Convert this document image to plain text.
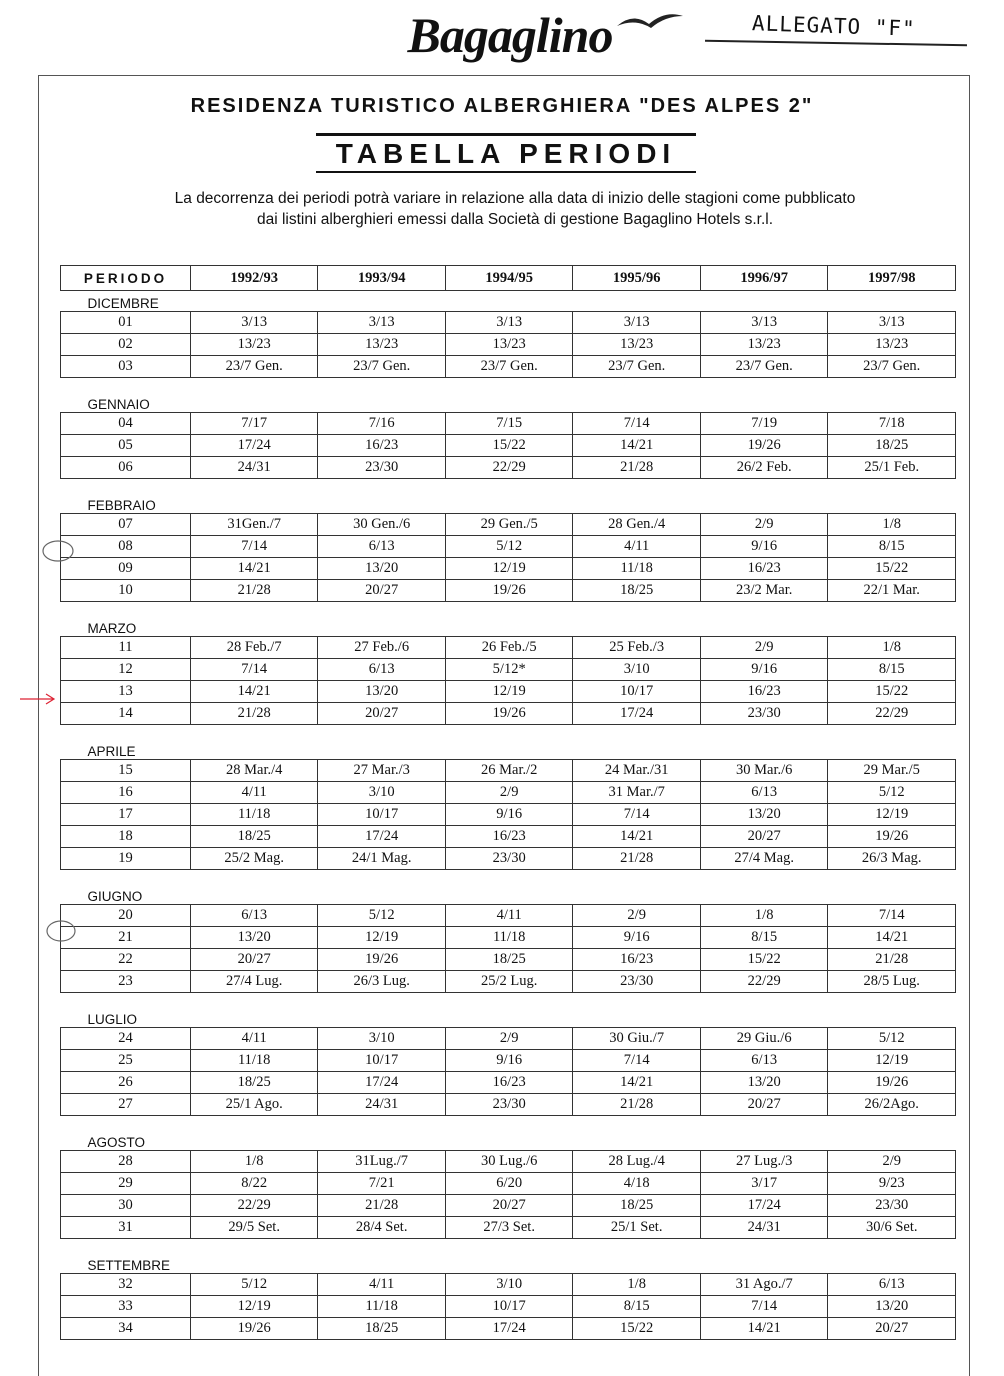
Bagaglino	ALLEGATO "F"
RESIDENZA TURISTICO ALBERGHIERA "DES ALPES 2"
TABELLA PERIODI
La decorrenza dei periodi potrà variare in relazione alla data di inizio delle stagioni come pubblicato
dai listini alberghieri emessi dalla Società di gestione Bagaglino Hotels s.r.l.
PERIODO	1992/93	1993/94	1994/95	1995/96	1996/97	1997/98
DICEMBRE						
01	3/13	3/13	3/13	3/13	3/13	3/13
02	13/23	13/23	13/23	13/23	13/23	13/23
03	23/7 Gen.	23/7 Gen.	23/7 Gen.	23/7 Gen.	23/7 Gen.	23/7 Gen.

GENNAIO						
04	7/17	7/16	7/15	7/14	7/19	7/18
05	17/24	16/23	15/22	14/21	19/26	18/25
06	24/31	23/30	22/29	21/28	26/2 Feb.	25/1 Feb.

FEBBRAIO						
07	31Gen./7	30 Gen./6	29 Gen./5	28 Gen./4	2/9	1/8
08	7/14	6/13	5/12	4/11	9/16	8/15
09	14/21	13/20	12/19	11/18	16/23	15/22
10	21/28	20/27	19/26	18/25	23/2 Mar.	22/1 Mar.

MARZO						
11	28 Feb./7	27 Feb./6	26 Feb./5	25 Feb./3	2/9	1/8
12	7/14	6/13	5/12*	3/10	9/16	8/15
13	14/21	13/20	12/19	10/17	16/23	15/22
14	21/28	20/27	19/26	17/24	23/30	22/29

APRILE						
15	28 Mar./4	27 Mar./3	26 Mar./2	24 Mar./31	30 Mar./6	29 Mar./5
16	4/11	3/10	2/9	31 Mar./7	6/13	5/12
17	11/18	10/17	9/16	7/14	13/20	12/19
18	18/25	17/24	16/23	14/21	20/27	19/26
19	25/2 Mag.	24/1 Mag.	23/30	21/28	27/4 Mag.	26/3 Mag.

GIUGNO						
20	6/13	5/12	4/11	2/9	1/8	7/14
21	13/20	12/19	11/18	9/16	8/15	14/21
22	20/27	19/26	18/25	16/23	15/22	21/28
23	27/4 Lug.	26/3 Lug.	25/2 Lug.	23/30	22/29	28/5 Lug.

LUGLIO						
24	4/11	3/10	2/9	30 Giu./7	29 Giu./6	5/12
25	11/18	10/17	9/16	7/14	6/13	12/19
26	18/25	17/24	16/23	14/21	13/20	19/26
27	25/1 Ago.	24/31	23/30	21/28	20/27	26/2Ago.

AGOSTO						
28	1/8	31Lug./7	30 Lug./6	28 Lug./4	27 Lug./3	2/9
29	8/22	7/21	6/20	4/18	3/17	9/23
30	22/29	21/28	20/27	18/25	17/24	23/30
31	29/5 Set.	28/4 Set.	27/3 Set.	25/1 Set.	24/31	30/6 Set.

SETTEMBRE						
32	5/12	4/11	3/10	1/8	31 Ago./7	6/13
33	12/19	11/18	10/17	8/15	7/14	13/20
34	19/26	18/25	17/24	15/22	14/21	20/27
